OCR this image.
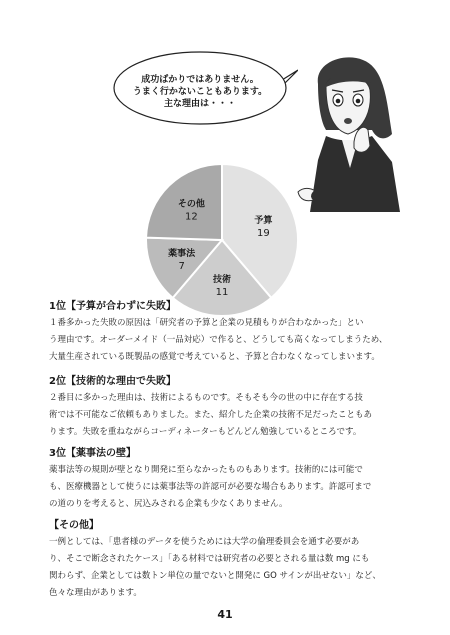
成功ばかりではありません。
うまく行かないこともあります。
主な理由は・・・
予算
19
技術
11
薬事法
7
その他
12
1位【予算が合わずに失敗】
１番多かった失敗の原因は「研究者の予算と企業の見積もりが合わなかった」とい
う理由です。オーダーメイド（一品対応）で作ると、どうしても高くなってしまうため、
大量生産されている既製品の感覚で考えていると、予算と合わなくなってしまいます。
2位【技術的な理由で失敗】
２番目に多かった理由は、技術によるものです。そもそも今の世の中に存在する技
術では不可能なご依頼もありました。また、紹介した企業の技術不足だったこともあ
ります。失敗を重ねながらコーディネーターもどんどん勉強しているところです。
3位【薬事法の壁】
薬事法等の規則が壁となり開発に至らなかったものもあります。技術的には可能で
も、医療機器として使うには薬事法等の許認可が必要な場合もあります。許認可まで
の道のりを考えると、尻込みされる企業も少なくありません。
【その他】
一例としては、「患者様のデータを使うためには大学の倫理委員会を通す必要があ
り、そこで断念されたケース」「ある材料では研究者の必要とされる量は数 mg にも
関わらず、企業としては数トン単位の量でないと開発に GO サインが出せない」など、
色々な理由があります。
41
